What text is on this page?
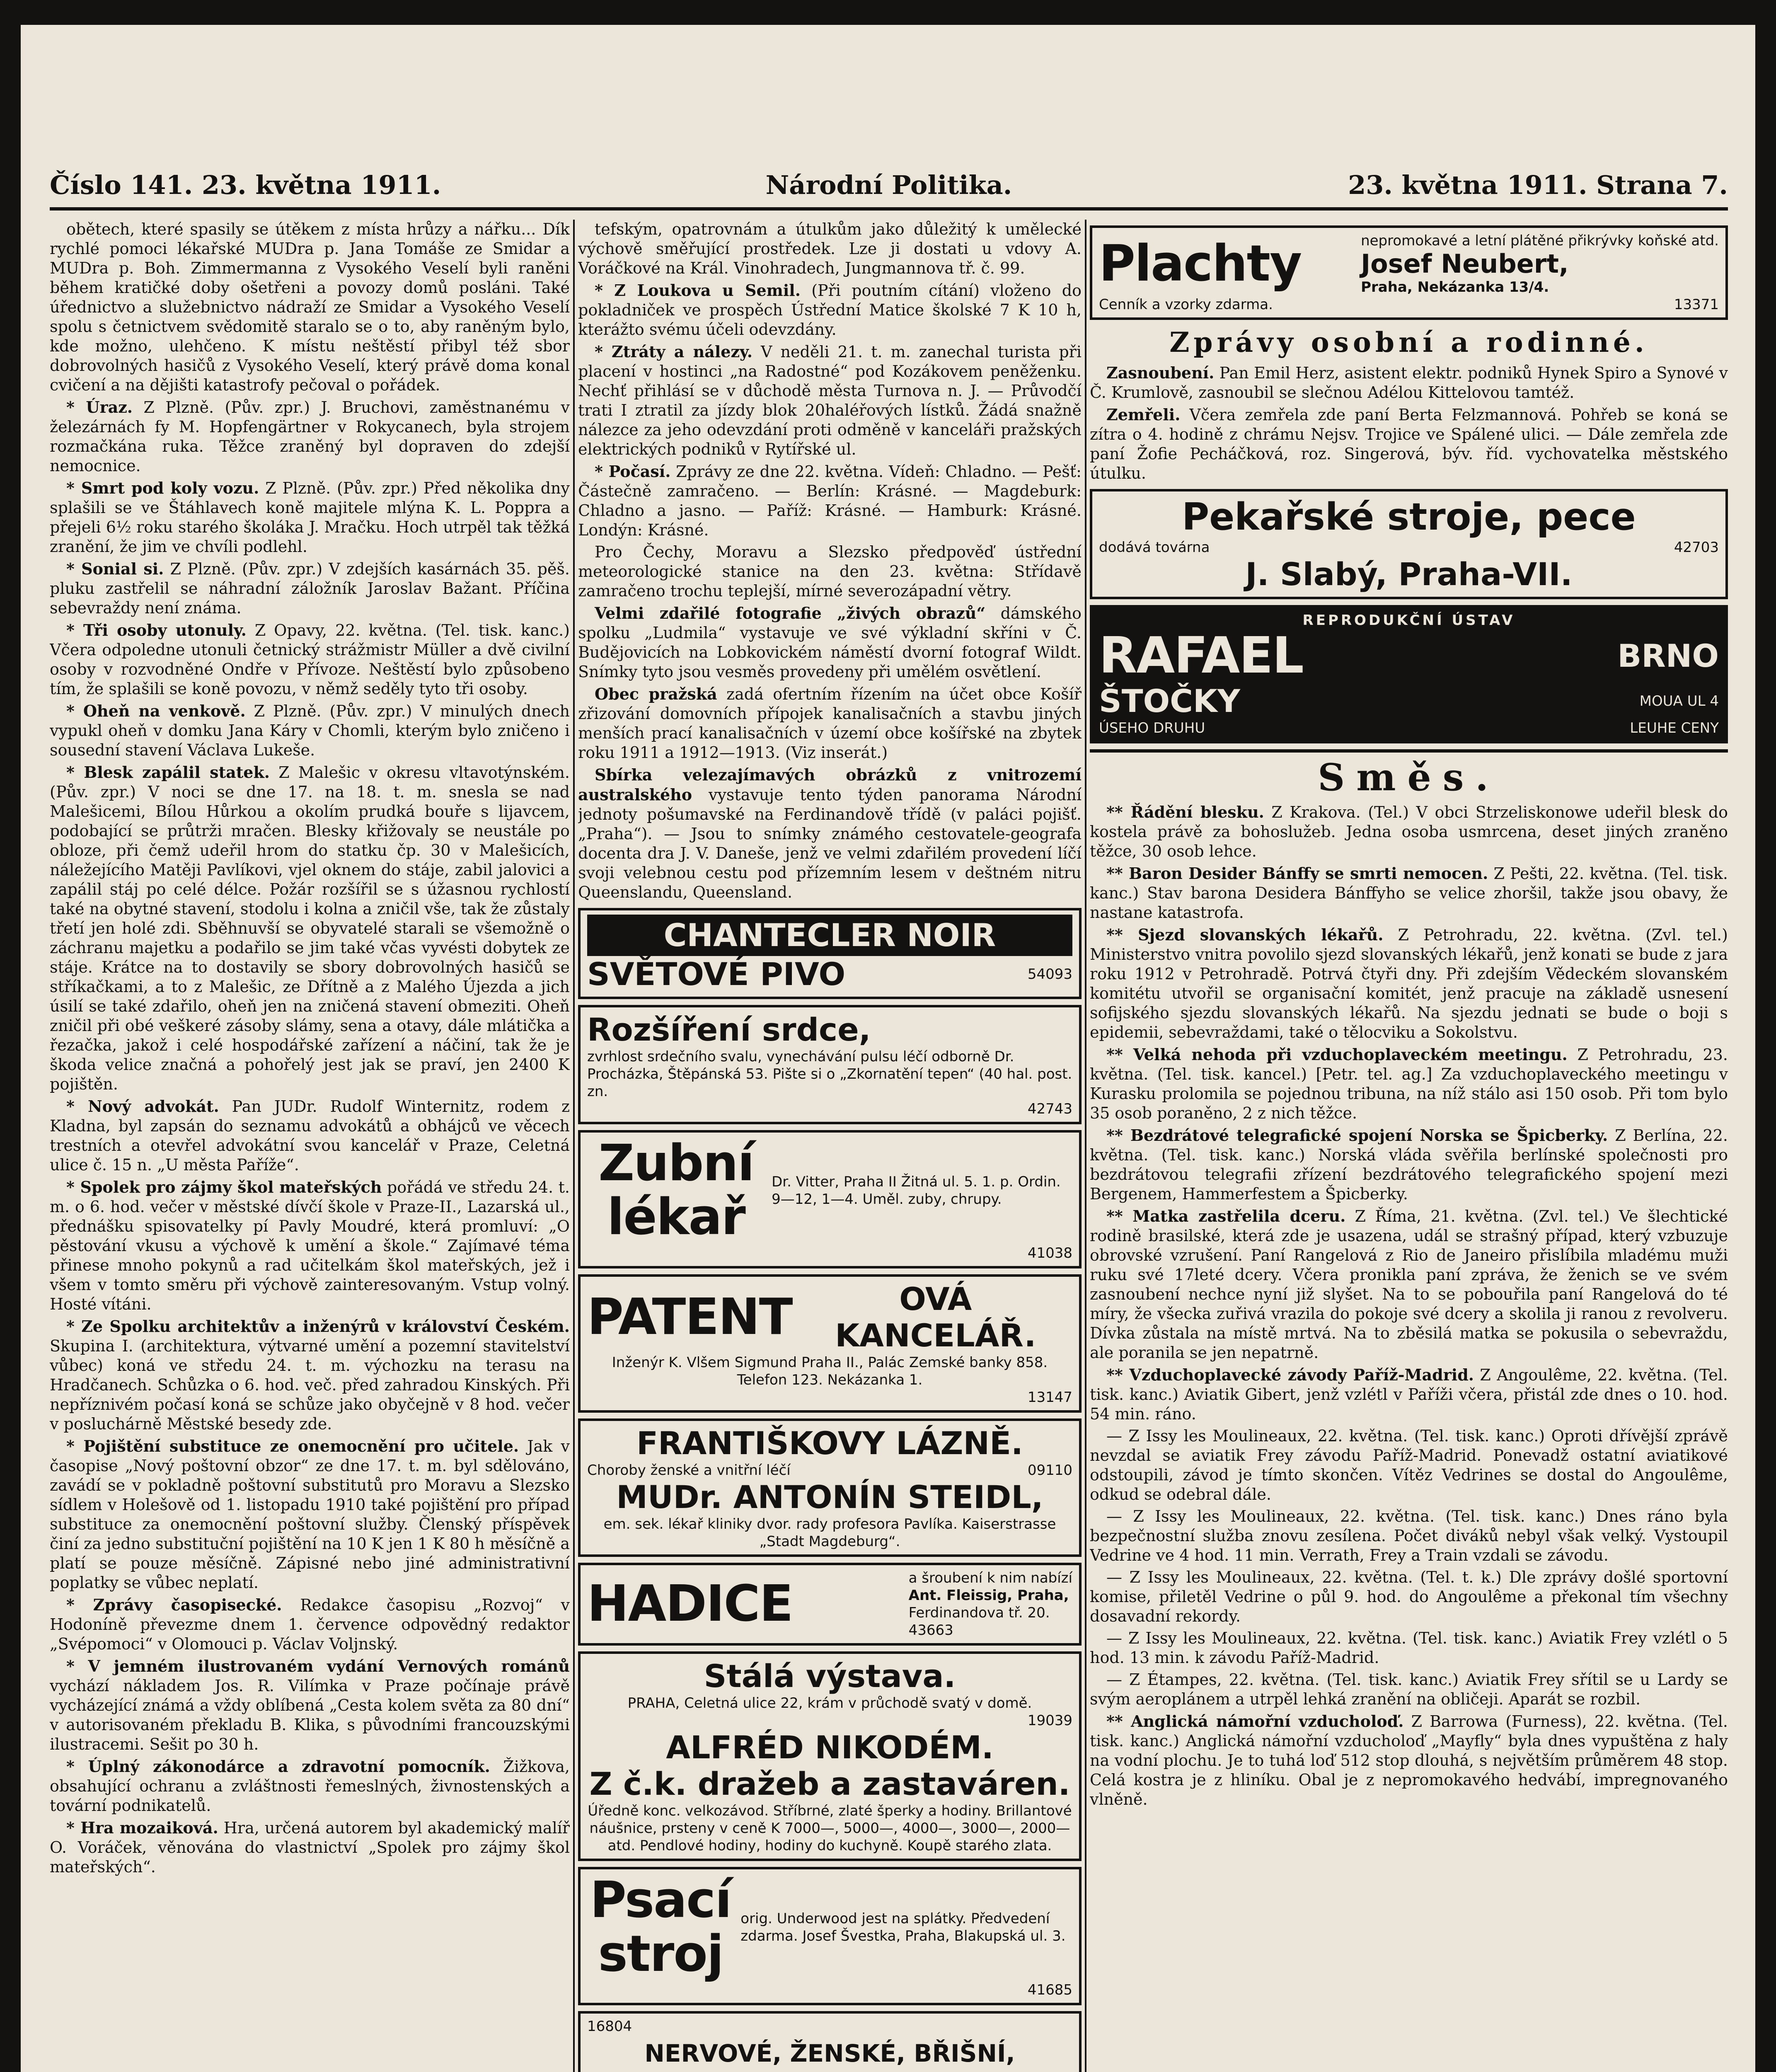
Číslo 141. 23. května 1911.	Národní Politika.	23. května 1911. Strana 7.

obětech, které spasily se útěkem z místa hrůzy a nářku... Dík rychlé pomoci lékařské MUDra p. Jana Tomáše ze Smidar a MUDra p. Boh. Zimmermanna z Vysokého Veselí byli raněni během kratičké doby ošetřeni a povozy domů posláni. Také úřednictvo a služebnictvo nádraží ze Smidar a Vysokého Veselí spolu s četnictvem svědomitě staralo se o to, aby raněným bylo, kde možno, ulehčeno. K místu neštěstí přibyl též sbor dobrovolných hasičů z Vysokého Veselí, který právě doma konal cvičení a na dějišti katastrofy pečoval o pořádek.

* Úraz. Z Plzně. (Pův. zpr.) J. Bruchovi, zaměstnanému v železárnách fy M. Hopfengärtner v Rokycanech, byla strojem rozmačkána ruka. Těžce zraněný byl dopraven do zdejší nemocnice.

* Smrt pod koly vozu. Z Plzně. (Pův. zpr.) Před několika dny splašili se ve Štáhlavech koně majitele mlýna K. L. Poppra a přejeli 6½ roku starého školáka J. Mračku. Hoch utrpěl tak těžká zranění, že jim ve chvíli podlehl.

* Sonial si. Z Plzně. (Pův. zpr.) V zdejších kasárnách 35. pěš. pluku zastřelil se náhradní záložník Jaroslav Bažant. Příčina sebevraždy není známa.

* Tři osoby utonuly. Z Opavy, 22. května. (Tel. tisk. kanc.) Včera odpoledne utonuli četnický strážmistr Müller a dvě civilní osoby v rozvodněné Ondře v Přívoze. Neštěstí bylo způsobeno tím, že splašili se koně povozu, v němž seděly tyto tři osoby.

* Oheň na venkově. Z Plzně. (Pův. zpr.) V minulých dnech vypukl oheň v domku Jana Káry v Chomli, kterým bylo zničeno i sousední stavení Václava Lukeše.

* Blesk zapálil statek. Z Malešic v okresu vltavotýnském. (Pův. zpr.) V noci se dne 17. na 18. t. m. snesla se nad Malešicemi, Bílou Hůrkou a okolím prudká bouře s lijavcem, podobající se průtrži mračen. Blesky křižovaly se neustále po obloze, při čemž udeřil hrom do statku čp. 30 v Malešicích, náležejícího Matěji Pavlíkovi, vjel oknem do stáje, zabil jalovici a zapálil stáj po celé délce. Požár rozšířil se s úžasnou rychlostí také na obytné stavení, stodolu i kolna a zničil vše, tak že zůstaly třetí jen holé zdi. Sběhnuvší se obyvatelé starali se všemožně o záchranu majetku a podařilo se jim také včas vyvésti dobytek ze stáje. Krátce na to dostavily se sbory dobrovolných hasičů se stříkačkami, a to z Malešic, ze Dřítně a z Malého Újezda a jich úsilí se také zdařilo, oheň jen na zničená stavení obmeziti. Oheň zničil při obé veškeré zásoby slámy, sena a otavy, dále mlátička a řezačka, jakož i celé hospodářské zařízení a náčiní, tak že je škoda velice značná a pohořelý jest jak se praví, jen 2400 K pojištěn.

* Nový advokát. Pan JUDr. Rudolf Winternitz, rodem z Kladna, byl zapsán do seznamu advokátů a obhájců ve věcech trestních a otevřel advokátní svou kancelář v Praze, Celetná ulice č. 15 n. „U města Paříže“.

* Spolek pro zájmy škol mateřských pořádá ve středu 24. t. m. o 6. hod. večer v městské dívčí škole v Praze-II., Lazarská ul., přednášku spisovatelky pí Pavly Moudré, která promluví: „O pěstování vkusu a výchově k umění a škole.“ Zajímavé téma přinese mnoho pokynů a rad učitelkám škol mateřských, jež i všem v tomto směru při výchově zainteresovaným. Vstup volný. Hosté vítáni.

* Ze Spolku architektův a inženýrů v království Českém. Skupina I. (architektura, výtvarné umění a pozemní stavitelství vůbec) koná ve středu 24. t. m. výchozku na terasu na Hradčanech. Schůzka o 6. hod. več. před zahradou Kinských. Při nepříznivém počasí koná se schůze jako obyčejně v 8 hod. večer v posluchárně Městské besedy zde.

* Pojištění substituce ze onemocnění pro učitele. Jak v časopise „Nový poštovní obzor“ ze dne 17. t. m. byl sdělováno, zavádí se v pokladně poštovní substitutů pro Moravu a Slezsko sídlem v Holešově od 1. listopadu 1910 také pojištění pro případ substituce za onemocnění poštovní služby. Členský příspěvek činí za jedno substituční pojištění na 10 K jen 1 K 80 h měsíčně a platí se pouze měsíčně. Zápisné nebo jiné administrativní poplatky se vůbec neplatí.

* Zprávy časopisecké. Redakce časopisu „Rozvoj“ v Hodoníně převezme dnem 1. července odpovědný redaktor „Svépomoci“ v Olomouci p. Václav Voljnský.

* V jemném ilustrovaném vydání Vernových románů vychází nákladem Jos. R. Vilímka v Praze počínaje právě vycházející známá a vždy oblíbená „Cesta kolem světa za 80 dní“ v autorisovaném překladu B. Klika, s původními francouzskými ilustracemi. Sešit po 30 h.

* Úplný zákonodárce a zdravotní pomocník. Žižkova, obsahující ochranu a zvláštnosti řemeslných, živnostenských a tovární podnikatelů.

* Hra mozaiková. Hra, určená autorem byl akademický malíř O. Voráček, věnována do vlastnictví „Spolek pro zájmy škol mateřských“.

tefským, opatrovnám a útulkům jako důležitý k umělecké výchově směřující prostředek. Lze ji dostati u vdovy A. Voráčkové na Král. Vinohradech, Jungmannova tř. č. 99.

* Z Loukova u Semil. (Při poutním cítání) vloženo do pokladniček ve prospěch Ústřední Matice školské 7 K 10 h, kterážto svému účeli odevzdány.

* Ztráty a nálezy. V neděli 21. t. m. zanechal turista při placení v hostinci „na Radostné“ pod Kozákovem peněženku. Nechť přihlásí se v důchodě města Turnova n. J. — Průvodčí trati I ztratil za jízdy blok 20haléřových lístků. Žádá snažně nálezce za jeho odevzdání proti odměně v kanceláři pražských elektrických podniků v Rytířské ul.

* Počasí. Zprávy ze dne 22. května. Vídeň: Chladno. — Pešť: Částečně zamračeno. — Berlín: Krásné. — Magdeburk: Chladno a jasno. — Paříž: Krásné. — Hamburk: Krásné. Londýn: Krásné.

Pro Čechy, Moravu a Slezsko předpověď ústřední meteorologické stanice na den 23. května: Střídavě zamračeno trochu teplejší, mírné severozápadní větry.

Velmi zdařilé fotografie „živých obrazů“ dámského spolku „Ludmila“ vystavuje ve své výkladní skříni v Č. Budějovicích na Lobkovickém náměstí dvorní fotograf Wildt. Snímky tyto jsou vesměs provedeny při umělém osvětlení.

Obec pražská zadá ofertním řízením na účet obce Košíř zřizování domovních přípojek kanalisačních a stavbu jiných menších prací kanalisačních v území obce košířské na zbytek roku 1911 a 1912—1913. (Viz inserát.)

Sbírka velezajímavých obrázků z vnitrozemí australského vystavuje tento týden panorama Národní jednoty pošumavské na Ferdinandově třídě (v paláci pojišť. „Praha“). — Jsou to snímky známého cestovatele-geografa docenta dra J. V. Daneše, jenž ve velmi zdařilém provedení líčí svoji velebnou cestu pod přízemním lesem v deštném nitru Queenslandu, Queensland.

CHANTECLER NOIR
SVĚTOVÉ PIVO	54093
Rozšíření srdce,
zvrhlost srdečního svalu, vynechávání pulsu léčí odborně Dr. Procházka, Štěpánská 53. Pište si o „Zkornatění tepen“ (40 hal. post. zn.
42743
Zubní lékař
Dr. Vitter, Praha II Žitná ul. 5. 1. p. Ordin. 9—12, 1—4. Uměl. zuby, chrupy.
41038
PATENT	OVÁ KANCELÁŘ.
Inženýr K. Vlšem Sigmund Praha II., Palác Zemské banky 858. Telefon 123. Nekázanka 1.
13147
FRANTIŠKOVY LÁZNĚ.
Choroby ženské a vnitřní léčí	09110
MUDr. ANTONÍN STEIDL,
em. sek. lékař kliniky dvor. rady profesora Pavlíka. Kaiserstrasse „Stadt Magdeburg“.
HADICE	a šroubení k nim nabízí
Ant. Fleissig, Praha,
Ferdinandova tř. 20.
43663
Stálá výstava.
PRAHA, Celetná ulice 22, krám v průchodě svatý v domě.
19039
ALFRÉD NIKODÉM.
Z č.k. dražeb a zastaváren.
Úředně konc. velkozávod. Stříbrné, zlaté šperky a hodiny. Brillantové náušnice, prsteny v ceně K 7000—, 5000—, 4000—, 3000—, 2000— atd. Pendlové hodiny, hodiny do kuchyně. Koupě starého zlata.
Psací stroj
orig. Underwood jest na splátky. Předvedení zdarma. Josef Švestka, Praha, Blakupská ul. 3.
41685
16804
NERVOVÉ, ŽENSKÉ, BŘIŠNÍ,
Plachty	nepromokavé a letní plátěné přikrývky koňské atd.
Josef Neubert,
Praha, Nekázanka 13/4.
Cenník a vzorky zdarma.	13371
Zprávy osobní a rodinné.

Zasnoubení. Pan Emil Herz, asistent elektr. podniků Hynek Spiro a Synové v Č. Krumlově, zasnoubil se slečnou Adélou Kittelovou tamtéž.

Zemřeli. Včera zemřela zde paní Berta Felzmannová. Pohřeb se koná se zítra o 4. hodině z chrámu Nejsv. Trojice ve Spálené ulici. — Dále zemřela zde paní Žofie Pecháčková, roz. Singerová, býv. říd. vychovatelka městského útulku.

Pekařské stroje, pece
dodává továrna	42703
J. Slabý, Praha-VII.
REPRODUKČNÍ ÚSTAV
RAFAEL	BRNO
ŠTOČKY	MOUA UL 4
ÚSEHO DRUHU	LEUHE CENY
Směs.

** Řádění blesku. Z Krakova. (Tel.) V obci Strzeliskonowe udeřil blesk do kostela právě za bohoslužeb. Jedna osoba usmrcena, deset jiných zraněno těžce, 30 osob lehce.

** Baron Desider Bánffy se smrti nemocen. Z Pešti, 22. května. (Tel. tisk. kanc.) Stav barona Desidera Bánffyho se velice zhoršil, takže jsou obavy, že nastane katastrofa.

** Sjezd slovanských lékařů. Z Petrohradu, 22. května. (Zvl. tel.) Ministerstvo vnitra povolilo sjezd slovanských lékařů, jenž konati se bude z jara roku 1912 v Petrohradě. Potrvá čtyři dny. Při zdejším Vědeckém slovanském komitétu utvořil se organisační komitét, jenž pracuje na základě usnesení sofijského sjezdu slovanských lékařů. Na sjezdu jednati se bude o boji s epidemii, sebevraždami, také o tělocviku a Sokolstvu.

** Velká nehoda při vzduchoplaveckém meetingu. Z Petrohradu, 23. května. (Tel. tisk. kancel.) [Petr. tel. ag.] Za vzduchoplaveckého meetingu v Kurasku prolomila se pojednou tribuna, na níž stálo asi 150 osob. Při tom bylo 35 osob poraněno, 2 z nich těžce.

** Bezdrátové telegrafické spojení Norska se Špicberky. Z Berlína, 22. května. (Tel. tisk. kanc.) Norská vláda svěřila berlínské společnosti pro bezdrátovou telegrafii zřízení bezdrátového telegrafického spojení mezi Bergenem, Hammerfestem a Špicberky.

** Matka zastřelila dceru. Z Říma, 21. května. (Zvl. tel.) Ve šlechtické rodině brasilské, která zde je usazena, udál se strašný případ, který vzbuzuje obrovské vzrušení. Paní Rangelová z Rio de Janeiro přislíbila mladému muži ruku své 17leté dcery. Včera pronikla paní zpráva, že ženich se ve svém zasnoubení nechce nyní již slyšet. Na to se pobouřila paní Rangelová do té míry, že všecka zuřivá vrazila do pokoje své dcery a skolila ji ranou z revolveru. Dívka zůstala na místě mrtvá. Na to zběsilá matka se pokusila o sebevraždu, ale poranila se jen nepatrně.

** Vzduchoplavecké závody Paříž-Madrid. Z Angoulême, 22. května. (Tel. tisk. kanc.) Aviatik Gibert, jenž vzlétl v Paříži včera, přistál zde dnes o 10. hod. 54 min. ráno.

— Z Issy les Moulineaux, 22. května. (Tel. tisk. kanc.) Oproti dřívější zprávě nevzdal se aviatik Frey závodu Paříž-Madrid. Ponevadž ostatní aviatikové odstoupili, závod je tímto skončen. Vítěz Vedrines se dostal do Angoulême, odkud se odebral dále.

— Z Issy les Moulineaux, 22. května. (Tel. tisk. kanc.) Dnes ráno byla bezpečnostní služba znovu zesílena. Počet diváků nebyl však velký. Vystoupil Vedrine ve 4 hod. 11 min. Verrath, Frey a Train vzdali se závodu.

— Z Issy les Moulineaux, 22. května. (Tel. t. k.) Dle zprávy došlé sportovní komise, přiletěl Vedrine o půl 9. hod. do Angoulême a překonal tím všechny dosavadní rekordy.

— Z Issy les Moulineaux, 22. května. (Tel. tisk. kanc.) Aviatik Frey vzlétl o 5 hod. 13 min. k závodu Paříž-Madrid.

— Z Étampes, 22. května. (Tel. tisk. kanc.) Aviatik Frey sřítil se u Lardy se svým aeroplánem a utrpěl lehká zranění na obličeji. Aparát se rozbil.

** Anglická námořní vzducholoď. Z Barrowa (Furness), 22. května. (Tel. tisk. kanc.) Anglická námořní vzducholoď „Mayfly“ byla dnes vypuštěna z haly na vodní plochu. Je to tuhá loď 512 stop dlouhá, s největším průměrem 48 stop. Celá kostra je z hliníku. Obal je z nepromokavého hedvábí, impregnovaného vlněně.
